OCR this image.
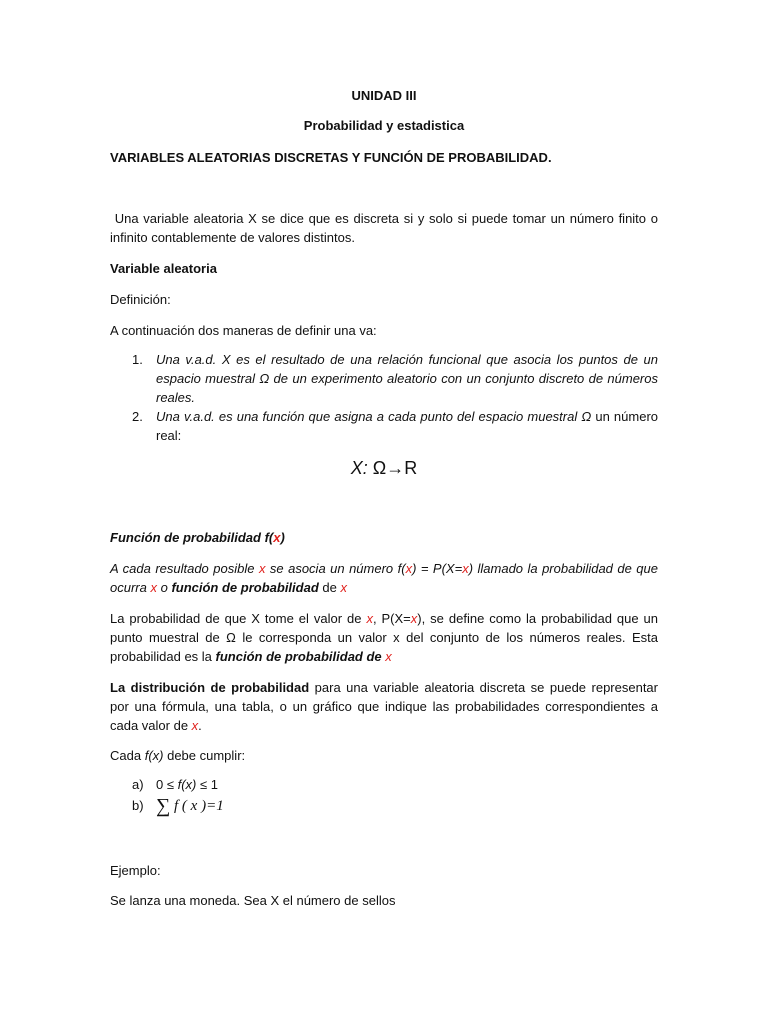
UNIDAD III

Probabilidad y estadistica

VARIABLES ALEATORIAS DISCRETAS Y FUNCIÓN DE PROBABILIDAD.

Una variable aleatoria X se dice que es discreta si y solo si puede tomar un número finito o infinito contablemente de valores distintos.

Variable aleatoria

Definición:

A continuación dos maneras de definir una va:

1. Una v.a.d. X es el resultado de una relación funcional que asocia los puntos de un espacio muestral Ω de un experimento aleatorio con un conjunto discreto de números reales.
2. Una v.a.d. es una función que asigna a cada punto del espacio muestral Ω un número real:
X: Ω→R

Función de probabilidad f(x)

A cada resultado posible x se asocia un número f(x) = P(X=x) llamado la probabilidad de que ocurra x o función de probabilidad de x

La probabilidad de que X tome el valor de x, P(X=x), se define como la probabilidad que un punto muestral de Ω le corresponda un valor x del conjunto de los números reales. Esta probabilidad es la función de probabilidad de x

La distribución de probabilidad para una variable aleatoria discreta se puede representar por una fórmula, una tabla, o un gráfico que indique las probabilidades correspondientes a cada valor de x.

Cada f(x) debe cumplir:

a) 0 ≤ f(x) ≤ 1
b) ∑ f ( x )=1

Ejemplo:

Se lanza una moneda. Sea X el número de sellos
